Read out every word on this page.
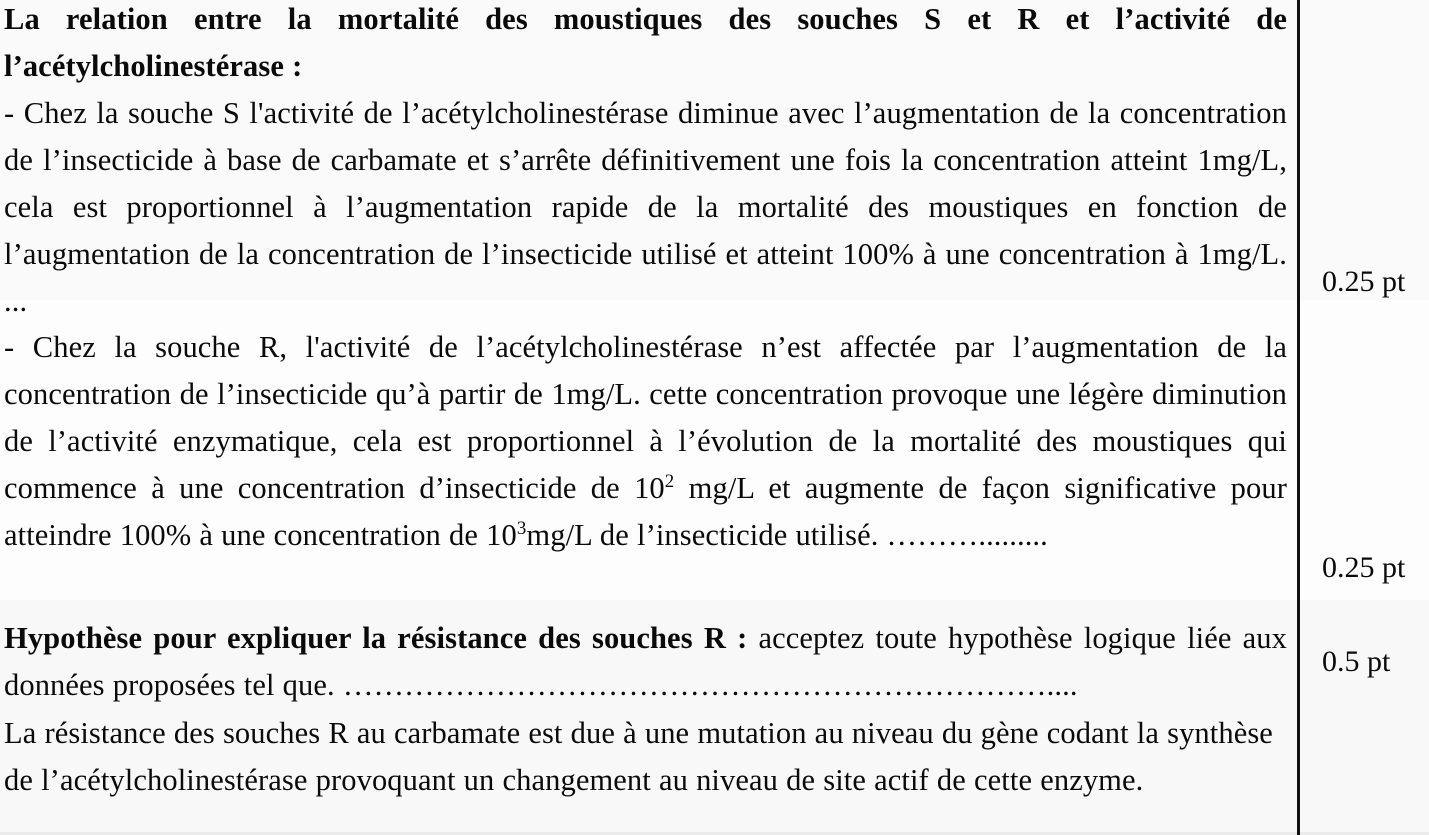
La relation entre la mortalité des moustiques des souches S et R et l’activité de l’acétylcholinestérase :

- Chez la souche S l'activité de l’acétylcholinestérase diminue avec l’augmentation de la concentration de l’insecticide à base de carbamate et s’arrête définitivement une fois la concentration atteint 1mg/L, cela est proportionnel à l’augmentation rapide de la mortalité des moustiques en fonction de l’augmentation de la concentration de l’insecticide utilisé et atteint 100% à une concentration à 1mg/L. ...

- Chez la souche R, l'activité de l’acétylcholinestérase n’est affectée par l’augmentation de la concentration de l’insecticide qu’à partir de 1mg/L. cette concentration provoque une légère diminution de l’activité enzymatique, cela est proportionnel à l’évolution de la mortalité des moustiques qui commence à une concentration d’insecticide de $10^2$ mg/L et augmente de façon significative pour atteindre 100% à une concentration de $10^3mg/L$ de l’insecticide utilisé. ……….........

Hypothèse pour expliquer la résistance des souches R : acceptez toute hypothèse logique liée aux données proposées tel que. ……………………………………………………………....

La résistance des souches R au carbamate est due à une mutation au niveau du gène codant la synthèse de l’acétylcholinestérase provoquant un changement au niveau de site actif de cette enzyme.

0.25 pt
0.25 pt
0.5 pt
